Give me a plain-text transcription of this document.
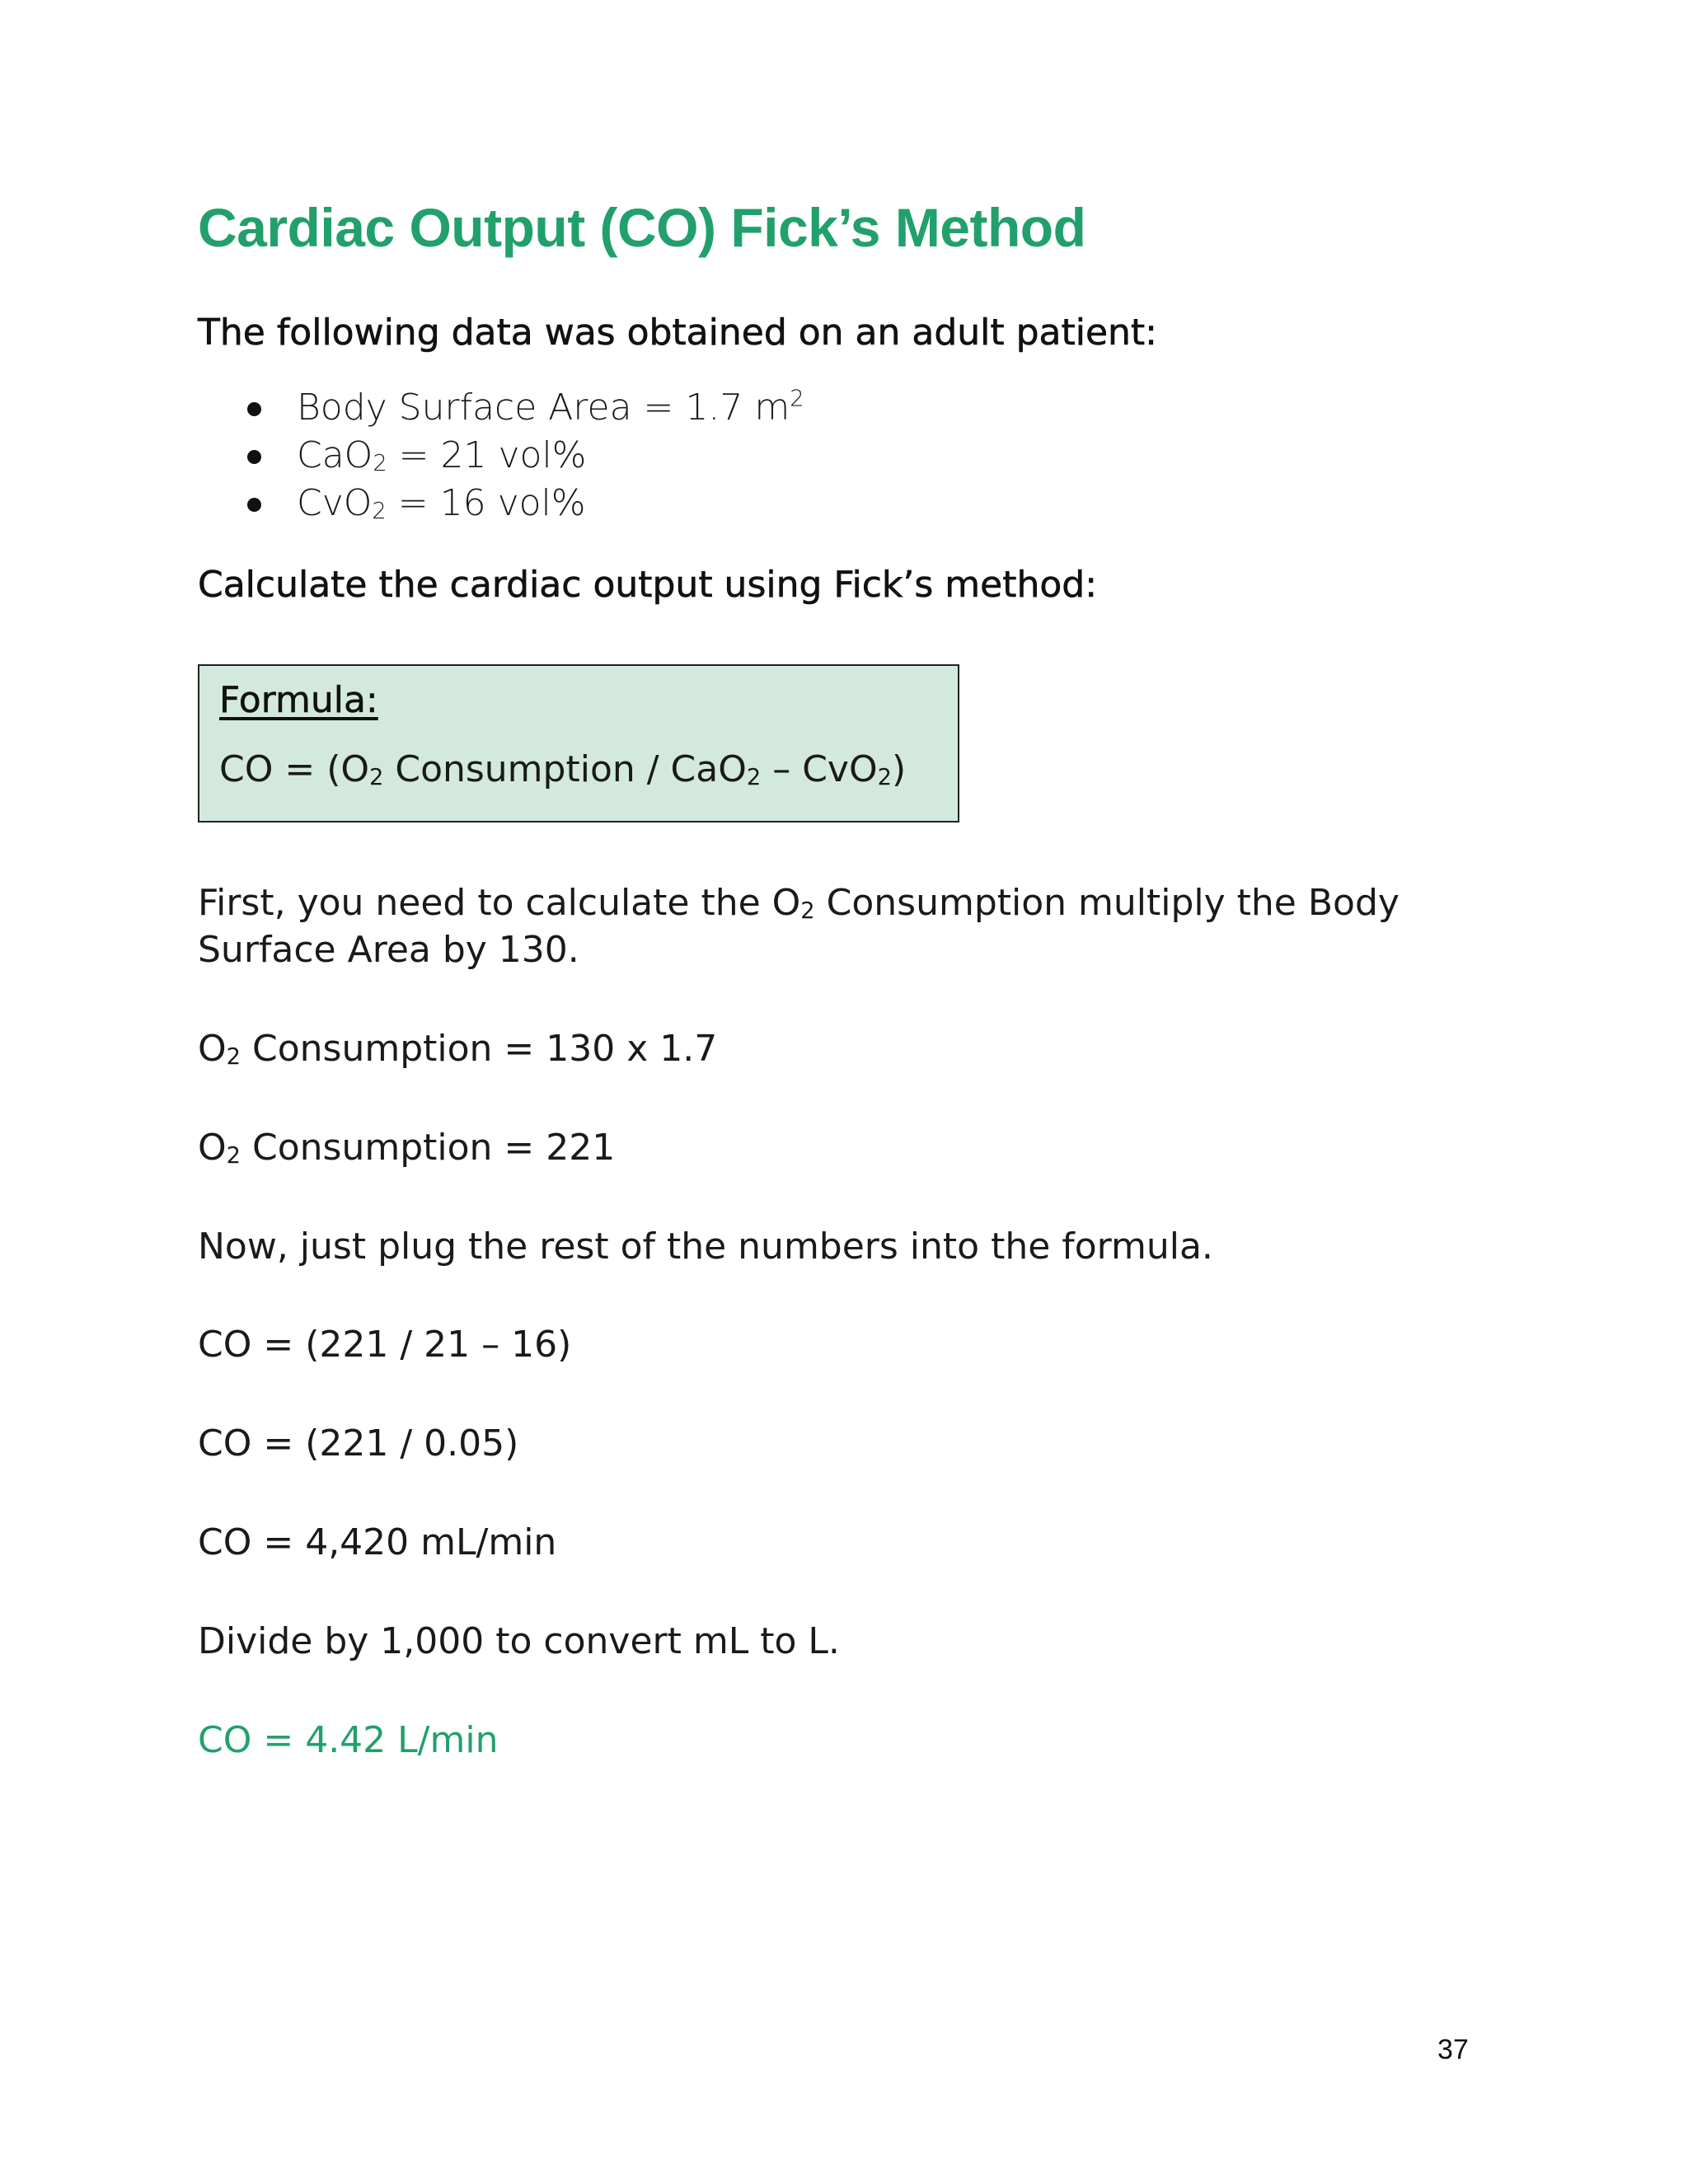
Cardiac Output (CO) Fick’s Method

The following data was obtained on an adult patient:

Body Surface Area = 1.7 $m^2$
CaO$_2$ = 21 vol%
CvO$_2$ = 16 vol%

Calculate the cardiac output using Fick’s method:

Formula:
CO = ($O_2$ Consumption / CaO$_2$ – CvO$_2$)

First, you need to calculate the $O_2$ Consumption multiply the Body

Surface Area by 130.

$O_2$ Consumption = 130 x 1.7

$O_2$ Consumption = 221

Now, just plug the rest of the numbers into the formula.

CO = (221 / 21 – 16)

CO = (221 / 0.05)

CO = 4,420 mL/min

Divide by 1,000 to convert mL to L.

CO = 4.42 L/min

37
